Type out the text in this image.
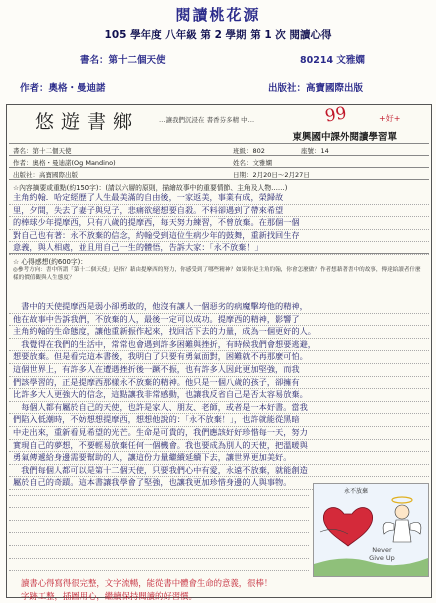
閱讀桃花源
105 學年度 八年級 第 2 學期 第 1 次 閱讀心得
書名：第十二個天使	80214 文雅嫻
作者：奧格・曼迪諾	出版社：高寶國際出版
悠遊書鄉	…讓我們沉浸在 書香芬多精 中…
東興國中課外閱讀學習單
99	+好+
書名：第十二個天使	班級：802	座號：14
作者：奧格・曼迪諾(Og Mandino)	姓名：文雅嫻
出版社：高寶國際出版	日期：2月20日～2月27日
☆內容摘要或重點(約150字)：(請以六層的原則，描繪故事中的重要情節、主角及人物……)
主角約翰．哈定經歷了人生最美滿的自由後，一家返美，事業有成，榮歸故
里，夕間，失去了妻子與兒子，悲痛欲絕想要自殺。不料卻遇到了帶來希望
的棒球少年提摩西，只有八歲的提摩西，每天努力練習，不曾放棄。在那個一個
對自己也有著：永不放棄的信念，約翰受到這位生病少年的鼓舞，重新找回生存
意義，與人相處，並且用自己一生的體悟，告訴大家：「永不放棄！」
☆ 心得感想(約600字)：
◎參考方向：書中所謂「第十二個天使」是指？藉由提摩西的努力，你感受到了哪些精神？如果你是主角約翰，你會怎麼做？作者想藉著書中的故事，傳達給讀者什麼樣的價值觀與人生態度？
　書中的天使提摩西是弱小卻勇敢的，他沒有讓人一個惡劣的病魔擊垮他的精神，
他在故事中告訴我們，不放棄的人，最後一定可以成功。提摩西的精神，影響了
主角約翰的生命態度，讓他重新振作起來，找回活下去的力量，成為一個更好的人。
　我覺得在我們的生活中，常常也會遇到許多困難與挫折，有時候我們會想要逃避，
想要放棄。但是看完這本書後，我明白了只要有勇氣面對，困難就不再那麼可怕。
這個世界上，有許多人在遭遇挫折後一蹶不振，也有許多人因此更加堅強，而我
們該學習的，正是提摩西那樣永不放棄的精神。他只是一個八歲的孩子，卻擁有
比許多大人更強大的信念，這點讓我非常感動，也讓我反省自己是否太容易放棄。
　每個人都有屬於自己的天使，也許是家人、朋友、老師，或者是一本好書。當我
們陷入低潮時，不妨想想提摩西，想想他說的：「永不放棄！」，也許就能從黑暗
中走出來，重新看見希望的光芒。生命是可貴的，我們應該好好珍惜每一天，努力
實現自己的夢想，不要輕易放棄任何一個機會。我也要成為別人的天使，把溫暖與
勇氣傳遞給身邊需要幫助的人，讓這份力量繼續延續下去，讓世界更加美好。
　我們每個人都可以是第十二個天使，只要我們心中有愛，永遠不放棄，就能創造
屬於自己的奇蹟。這本書讓我學會了堅強，也讓我更加珍惜身邊的人與事物。
永不放棄
Never Give Up
讀書心得寫得很完整，文字流暢，能從書中體會生命的意義，很棒！
字跡工整，插圖用心，繼續保持閱讀的好習慣。
